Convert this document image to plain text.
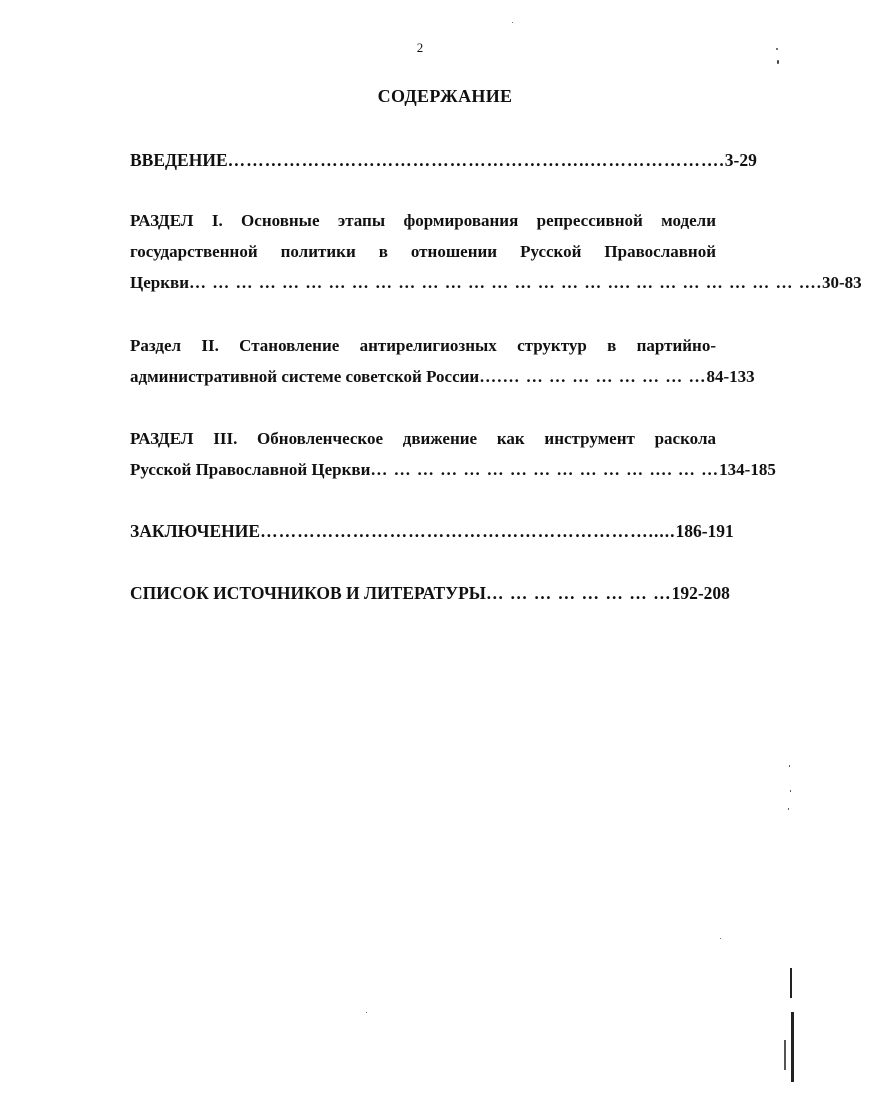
2
СОДЕРЖАНИЕ
ВВЕДЕНИЕ …………………………………………………..…………………. 3-29
РАЗДЕЛ I. Основные этапы формирования репрессивной модели
государственной политики в отношении Русской Православной
Церкви … … … … … … … … … … … … … … … … … … …. … … … … … … … …. 30-83
Раздел II. Становление антирелигиозных структур в партийно-
административной системе советской России ….… … … … … … … … … 84-133
РАЗДЕЛ III. Обновленческое движение как инструмент раскола
Русской Православной Церкви … … … … … … … … … … … … …. … … 134-185
ЗАКЛЮЧЕНИЕ ………………………………………………………..... 186-191
СПИСОК ИСТОЧНИКОВ И ЛИТЕРАТУРЫ … … … … … … … … 192-208
